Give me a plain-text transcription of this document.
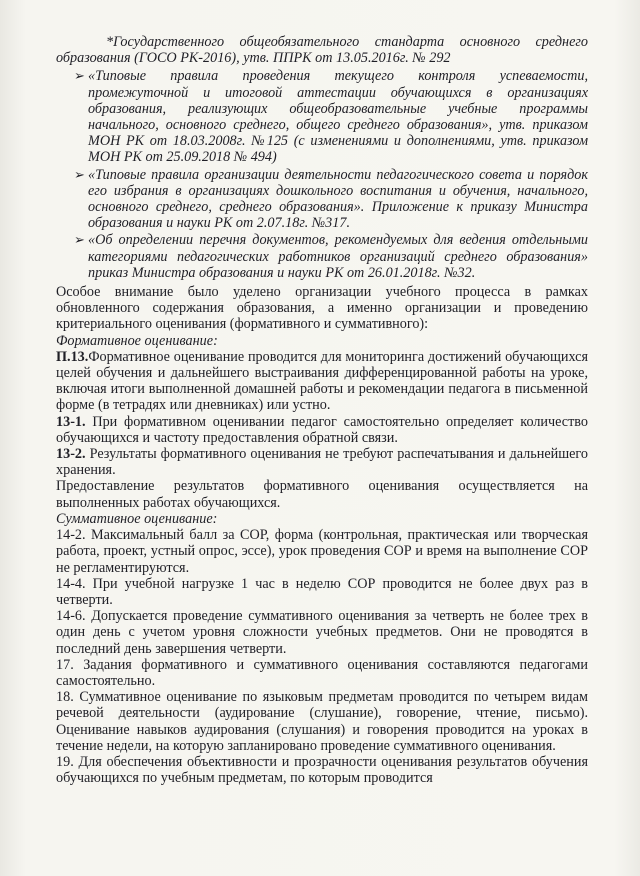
*Государственного общеобязательного стандарта основного среднего образования (ГОСО РК-2016), утв. ППРК от 13.05.2016г. № 292

➢ «Типовые правила проведения текущего контроля успеваемости, промежуточной и итоговой аттестации обучающихся в организациях образования, реализующих общеобразовательные учебные программы начального, основного среднего, общего среднего образования», утв. приказом МОН РК от 18.03.2008г. №125 (с изменениями и дополнениями, утв. приказом МОН РК от 25.09.2018 № 494)

➢ «Типовые правила организации деятельности педагогического совета и порядок его избрания в организациях дошкольного воспитания и обучения, начального, основного среднего, среднего образования». Приложение к приказу Министра образования и науки РК от 2.07.18г. №317.

➢ «Об определении перечня документов, рекомендуемых для ведения отдельными категориями педагогических работников организаций среднего образования» приказ Министра образования и науки РК от 26.01.2018г. №32.

Особое внимание было уделено организации учебного процесса в рамках обновленного содержания образования, а именно организации и проведению критериального оценивания (формативного и суммативного):

Формативное оценивание:

П.13.Формативное оценивание проводится для мониторинга достижений обучающихся целей обучения и дальнейшего выстраивания дифференцированной работы на уроке, включая итоги выполненной домашней работы и рекомендации педагога в письменной форме (в тетрадях или дневниках) или устно.

13-1. При формативном оценивании педагог самостоятельно определяет количество обучающихся и частоту предоставления обратной связи.

13-2. Результаты формативного оценивания не требуют распечатывания и дальнейшего хранения.

Предоставление результатов формативного оценивания осуществляется на выполненных работах обучающихся.

Суммативное оценивание:

14-2. Максимальный балл за СОР, форма (контрольная, практическая или творческая работа, проект, устный опрос, эссе), урок проведения СОР и время на выполнение СОР не регламентируются.

14-4. При учебной нагрузке 1 час в неделю СОР проводится не более двух раз в четверти.

14-6. Допускается проведение суммативного оценивания за четверть не более трех в один день с учетом уровня сложности учебных предметов. Они не проводятся в последний день завершения четверти.

17. Задания формативного и суммативного оценивания составляются педагогами самостоятельно.

18. Суммативное оценивание по языковым предметам проводится по четырем видам речевой деятельности (аудирование (слушание), говорение, чтение, письмо). Оценивание навыков аудирования (слушания) и говорения проводится на уроках в течение недели, на которую запланировано проведение суммативного оценивания.

19. Для обеспечения объективности и прозрачности оценивания результатов обучения обучающихся по учебным предметам, по которым проводится
